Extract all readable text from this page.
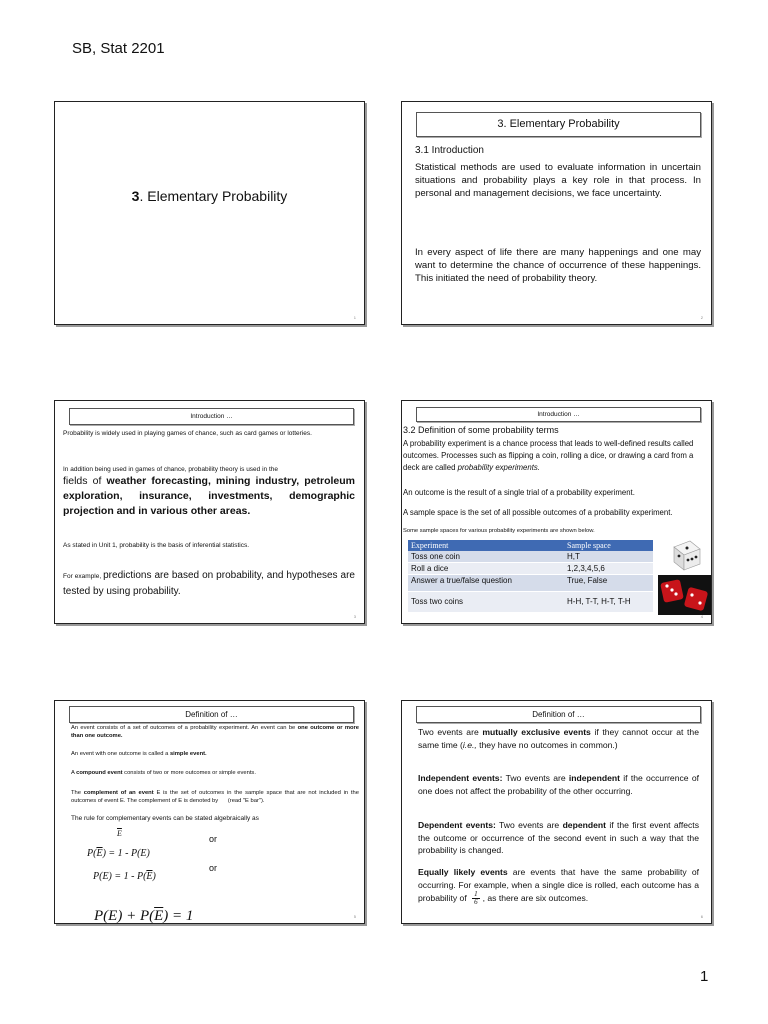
SB, Stat 2201
1
3. Elementary Probability
1
3. Elementary Probability
3.1 Introduction
Statistical methods are used to evaluate information in uncertain situations and probability plays a key role in that process. In personal and management decisions, we face uncertainty.
In every aspect of life there are many happenings and one may want to determine the chance of occurrence of these happenings. This initiated the need of probability theory.
2
Introduction …
Probability is widely used in playing games of chance, such as card games or lotteries.
In addition being used in games of chance, probability theory is used in the
fields of weather forecasting, mining industry, petroleum exploration, insurance, investments, demographic projection and in various other areas.
As stated in Unit 1, probability is the basis of inferential statistics.
For example, predictions are based on probability, and hypotheses are tested by using probability.
3
Introduction …
3.2 Definition of some probability terms
A probability experiment is a chance process that leads to well-defined results called outcomes. Processes such as flipping a coin, rolling a dice, or drawing a card from a deck are called probability experiments.
An outcome is the result of a single trial of a probability experiment.
A sample space is the set of all possible outcomes of a probability experiment.
Some sample spaces for various probability experiments are shown below.
Experiment	Sample space
Toss one coin	H,T
Roll a dice	1,2,3,4,5,6
Answer a true/false question	True, False
Toss two coins	H-H, T-T, H-T, T-H
4
Definition of …
An event consists of a set of outcomes of a probability experiment. An event can be one outcome or more than one outcome.
An event with one outcome is called a simple event.
A compound event consists of two or more outcomes or simple events.
The complement of an event E is the set of outcomes in the sample space that are not included in the outcomes of event E. The complement of E is denoted by (read "E bar").
The rule for complementary events can be stated algebraically as
$\overline{E}$
or
$P(\overline{E}) = 1 - P(E)$
or
$P(E) = 1 - P(\overline{E})$

$P(E) + P(\overline{E}) = 1$
	5
Definition of …
Two events are mutually exclusive events if they cannot occur at the same time (i.e., they have no outcomes in common.)
Independent events: Two events are independent if the occurrence of one does not affect the probability of the other occurring.
Dependent events: Two events are dependent if the first event affects the outcome or occurrence of the second event in such a way that the probability is changed.
Equally likely events are events that have the same probability of occurring. For example, when a single dice is rolled, each outcome has a probability of $\frac{1}{6}$ , as there are six outcomes.
6
